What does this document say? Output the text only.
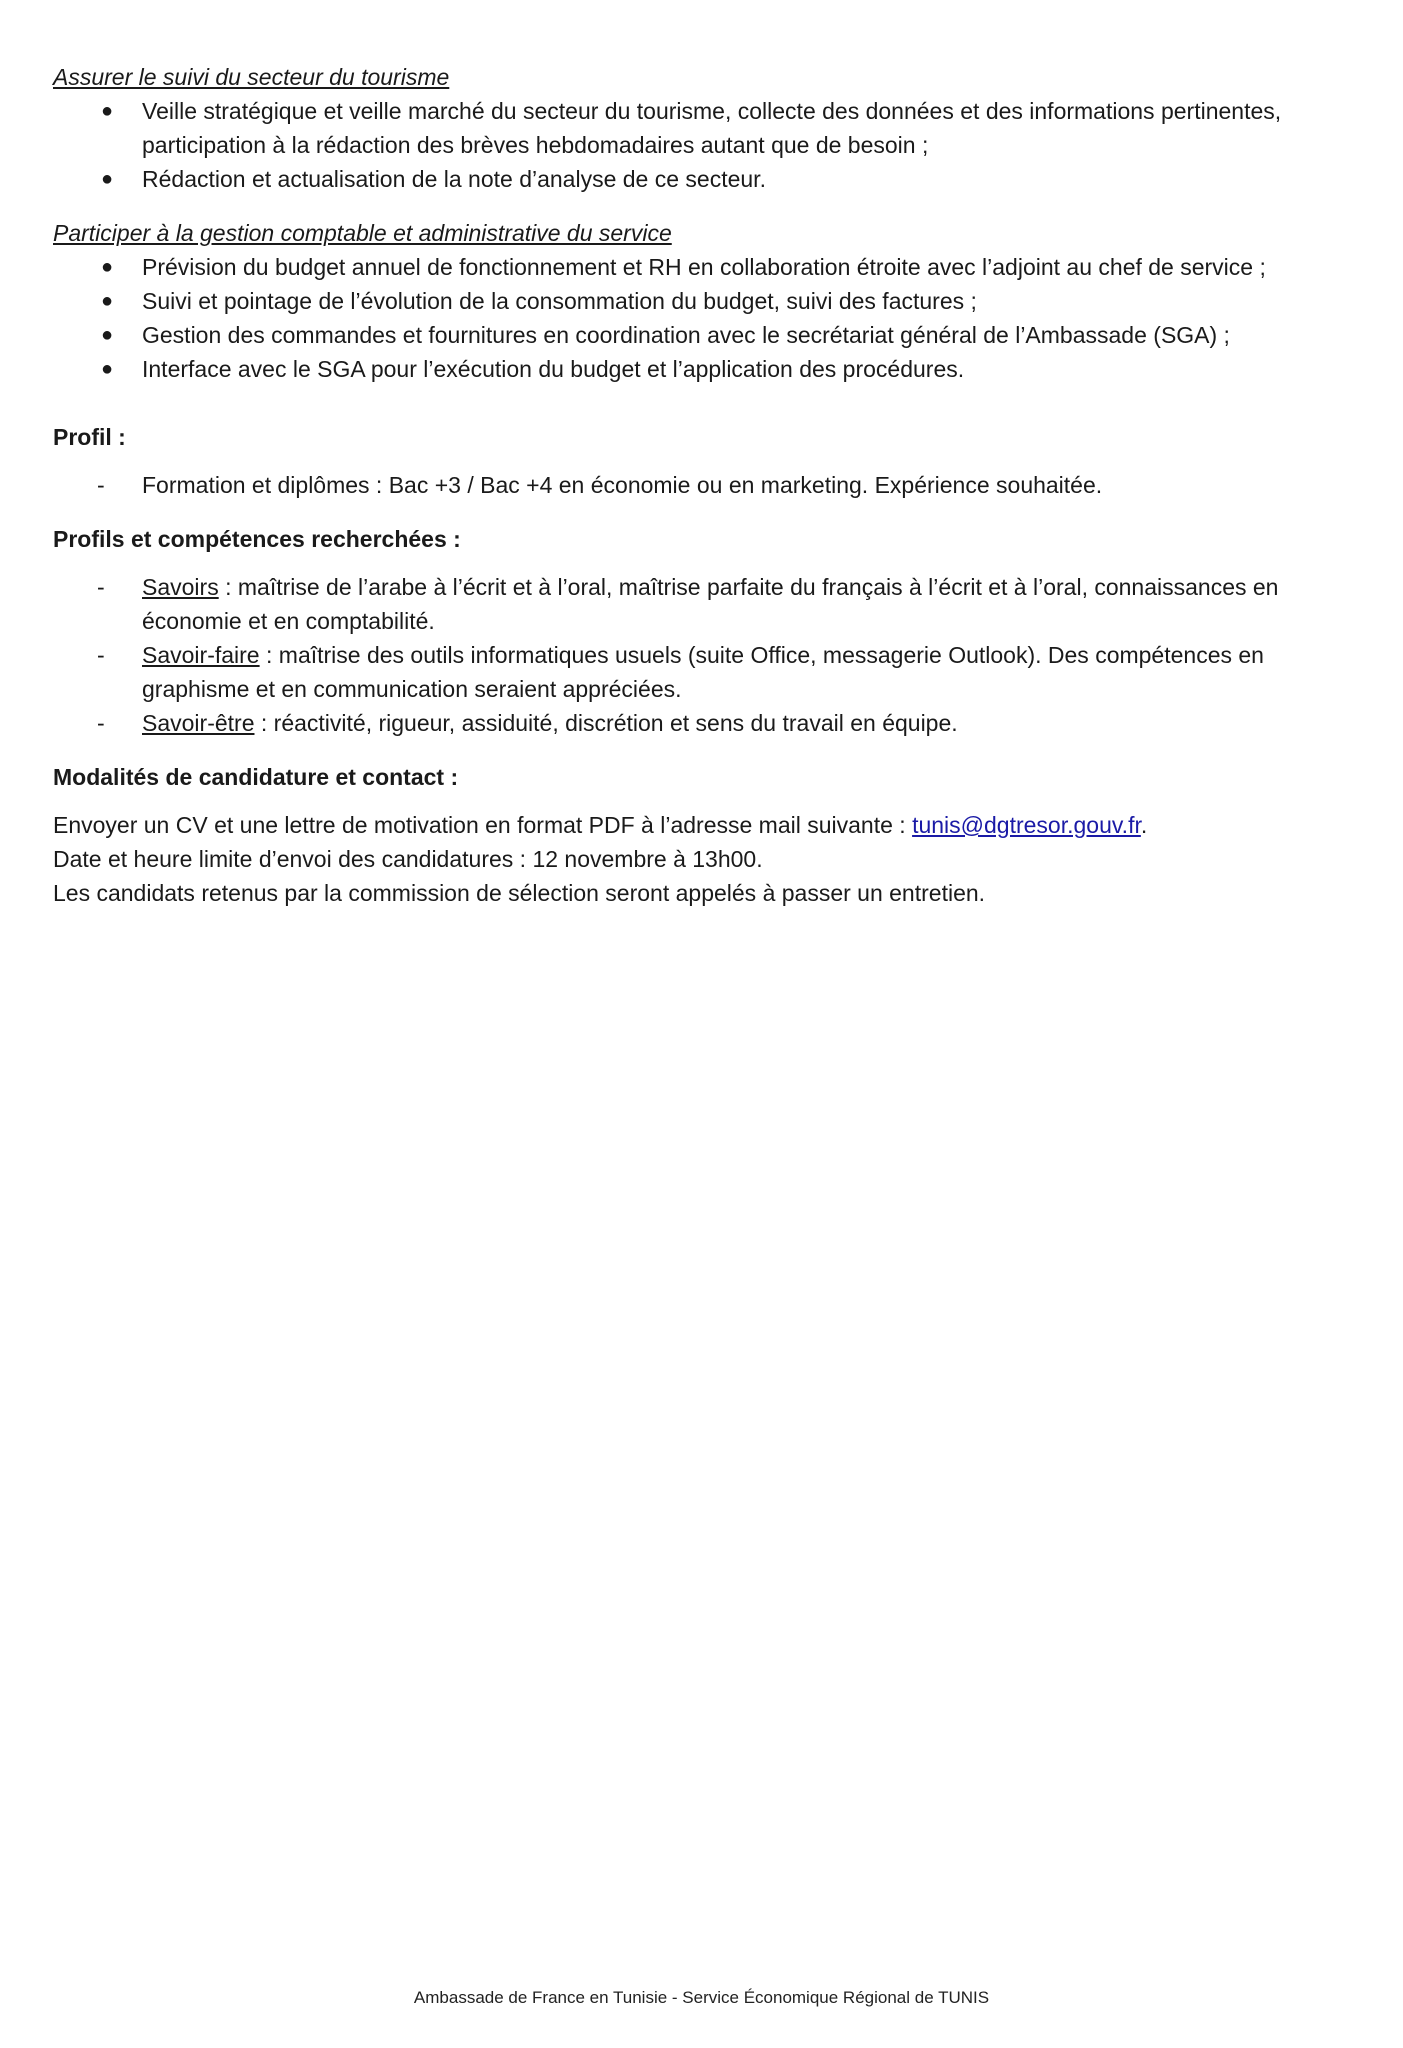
Assurer le suivi du secteur du tourisme

● Veille stratégique et veille marché du secteur du tourisme, collecte des données et des informations pertinentes, participation à la rédaction des brèves hebdomadaires autant que de besoin ;
● Rédaction et actualisation de la note d’analyse de ce secteur.

Participer à la gestion comptable et administrative du service

● Prévision du budget annuel de fonctionnement et RH en collaboration étroite avec l’adjoint au chef de service ;
● Suivi et pointage de l’évolution de la consommation du budget, suivi des factures ;
● Gestion des commandes et fournitures en coordination avec le secrétariat général de l’Ambassade (SGA) ;
● Interface avec le SGA pour l’exécution du budget et l’application des procédures.

Profil :

- Formation et diplômes : Bac +3 / Bac +4 en économie ou en marketing. Expérience souhaitée.

Profils et compétences recherchées :

- Savoirs : maîtrise de l’arabe à l’écrit et à l’oral, maîtrise parfaite du français à l’écrit et à l’oral, connaissances en économie et en comptabilité.
- Savoir-faire : maîtrise des outils informatiques usuels (suite Office, messagerie Outlook). Des compétences en graphisme et en communication seraient appréciées.
- Savoir-être : réactivité, rigueur, assiduité, discrétion et sens du travail en équipe.

Modalités de candidature et contact :

Envoyer un CV et une lettre de motivation en format PDF à l’adresse mail suivante : tunis@dgtresor.gouv.fr.

Date et heure limite d’envoi des candidatures : 12 novembre à 13h00.

Les candidats retenus par la commission de sélection seront appelés à passer un entretien.

Ambassade de France en Tunisie - Service Économique Régional de TUNIS
